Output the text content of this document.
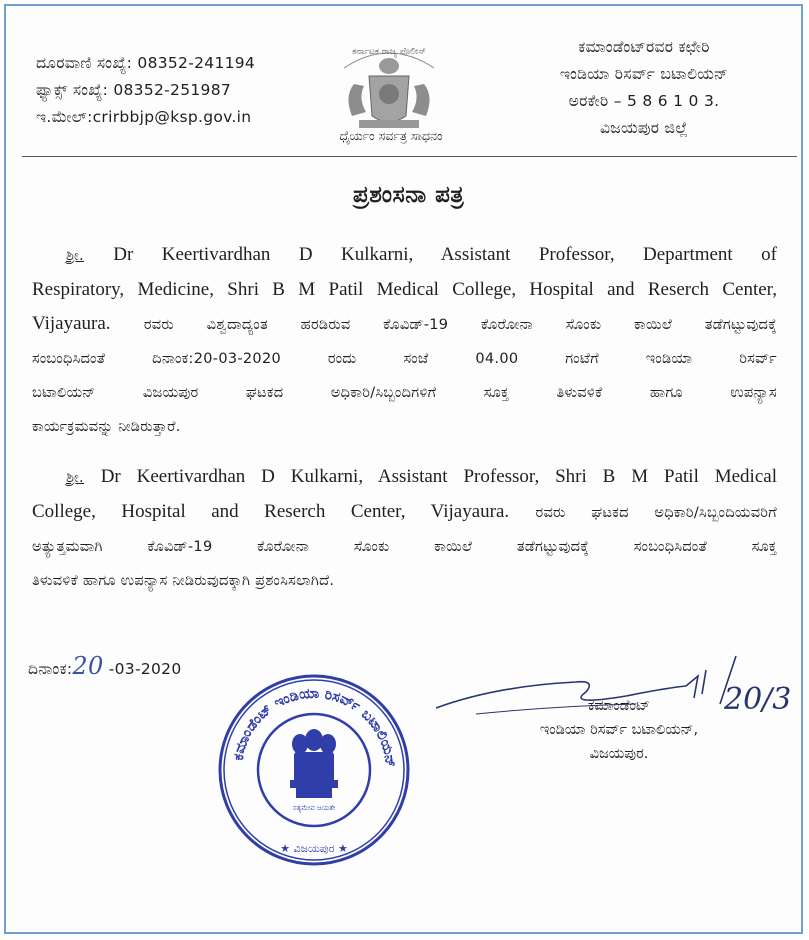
ದೂರವಾಣಿ ಸಂಖ್ಯೆ: 08352-241194
ಫ್ಯಾಕ್ಸ್ ಸಂಖ್ಯೆ: 08352-251987
ಇ.ಮೇಲ್:crirbbjp@ksp.gov.in
ಕರ್ನಾಟಕ ರಾಜ್ಯ ಪೊಲೀಸ್
ಧೈರ್ಯಂ ಸರ್ವತ್ರ ಸಾಧನಂ
ಕಮಾಂಡೆಂಟ್‌ರವರ ಕಛೇರಿ
ಇಂಡಿಯಾ ರಿಸರ್ವ್ ಬಟಾಲಿಯನ್
ಅರಕೇರಿ – 5 8 6 1 0 3.
ವಿಜಯಪುರ ಜಿಲ್ಲೆ
ಪ್ರಶಂಸನಾ ಪತ್ರ
ಶ್ರೀ. Dr Keertivardhan D Kulkarni, Assistant Professor, Department of
Respiratory, Medicine, Shri B M Patil Medical College, Hospital and Reserch Center,
Vijayaura. ರವರು ವಿಶ್ವದಾದ್ಯಂತ ಹರಡಿರುವ ಕೊವಿಡ್-19 ಕೊರೋನಾ ಸೊಂಕು ಕಾಯಿಲೆ ತಡೆಗಟ್ಟುವುದಕ್ಕೆ
ಸಂಬಂಧಿಸಿದಂತೆ ದಿನಾಂಕ:20-03-2020 ರಂದು ಸಂಜೆ 04.00 ಗಂಟೆಗೆ ಇಂಡಿಯಾ ರಿಸರ್ವ್
ಬಟಾಲಿಯನ್ ವಿಜಯಪುರ ಘಟಕದ ಅಧಿಕಾರಿ/ಸಿಬ್ಬಂದಿಗಳಿಗೆ ಸೂಕ್ತ ತಿಳುವಳಿಕೆ ಹಾಗೂ ಉಪನ್ಯಾಸ
ಕಾರ್ಯಕ್ರಮವನ್ನು ನೀಡಿರುತ್ತಾರೆ.
ಶ್ರೀ. Dr Keertivardhan D Kulkarni, Assistant Professor, Shri B M Patil Medical
College, Hospital and Reserch Center, Vijayaura. ರವರು ಘಟಕದ ಅಧಿಕಾರಿ/ಸಿಬ್ಬಂದಿಯವರಿಗೆ
ಅತ್ಯುತ್ತಮವಾಗಿ ಕೊವಿಡ್-19 ಕೊರೋನಾ ಸೊಂಕು ಕಾಯಿಲೆ ತಡೆಗಟ್ಟುವುದಕ್ಕೆ ಸಂಬಂಧಿಸಿದಂತೆ ಸೂಕ್ತ
ತಿಳುವಳಿಕೆ ಹಾಗೂ ಉಪನ್ಯಾಸ ನೀಡಿರುವುದಕ್ಕಾಗಿ ಪ್ರಶಂಸಿಸಲಾಗಿದೆ.
ದಿನಾಂಕ:20 -03-2020
ಕಮಾಂಡೆಂಟ್ ಇಂಡಿಯಾ ರಿಸರ್ವ್ ಬಟಾಲಿಯನ್
★ ವಿಜಯಪುರ ★
ಸತ್ಯಮೇವ ಜಯತೇ
20/3
ಕಮಾಂಡೆಂಟ್
ಇಂಡಿಯಾ ರಿಸರ್ವ್ ಬಟಾಲಿಯನ್,
ವಿಜಯಪುರ.
